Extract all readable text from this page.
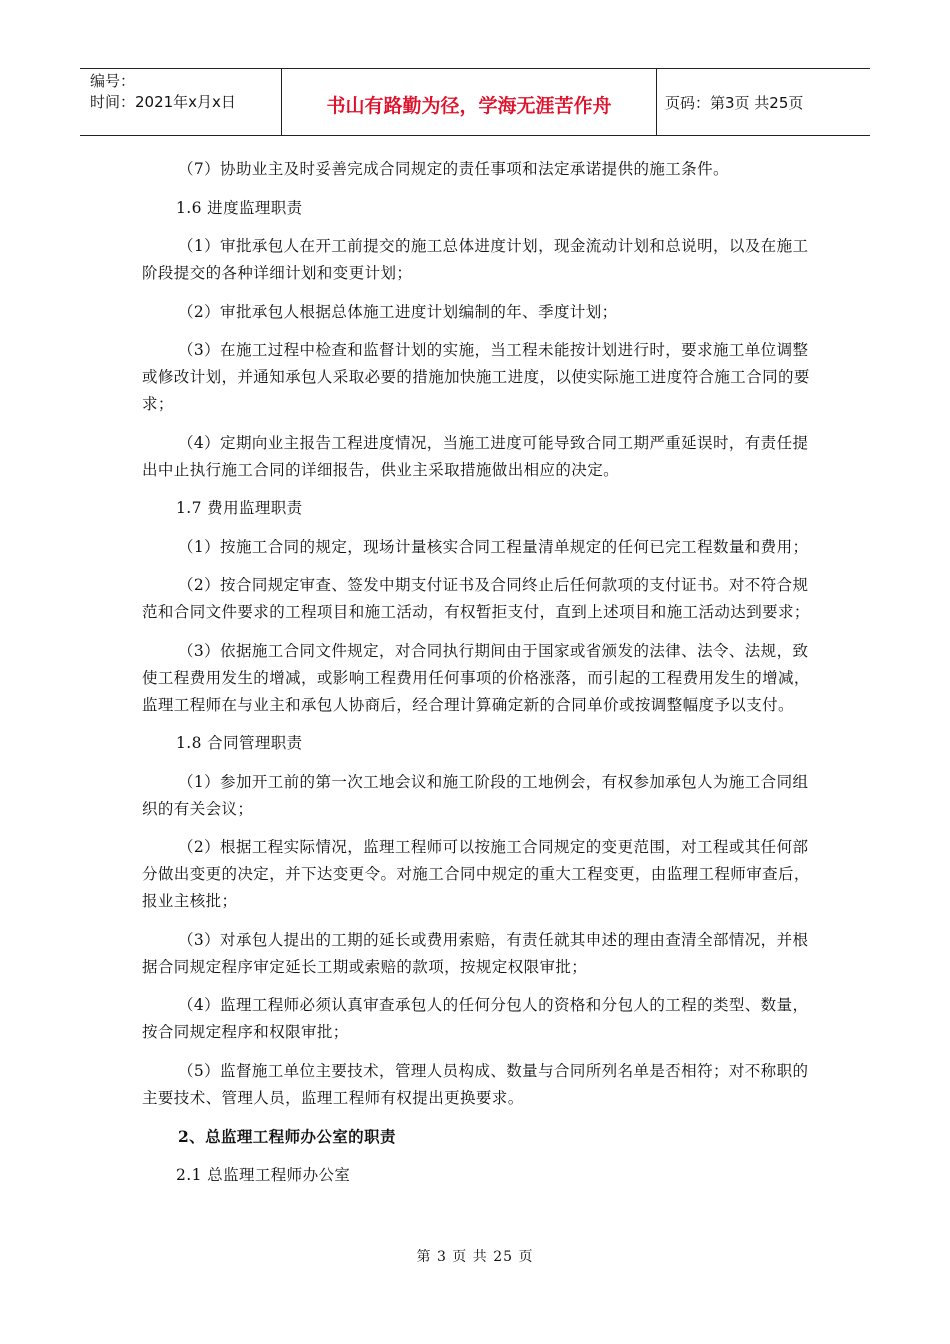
编号：
时间：2021年x月x日	书山有路勤为径，学海无涯苦作舟	页码：第3页 共25页

（7）协助业主及时妥善完成合同规定的责任事项和法定承诺提供的施工条件。

1.6 进度监理职责

（1）审批承包人在开工前提交的施工总体进度计划，现金流动计划和总说明，以及在施工阶段提交的各种详细计划和变更计划；

（2）审批承包人根据总体施工进度计划编制的年、季度计划；

（3）在施工过程中检查和监督计划的实施，当工程未能按计划进行时，要求施工单位调整或修改计划，并通知承包人采取必要的措施加快施工进度，以使实际施工进度符合施工合同的要求；

（4）定期向业主报告工程进度情况，当施工进度可能导致合同工期严重延误时，有责任提出中止执行施工合同的详细报告，供业主采取措施做出相应的决定。

1.7 费用监理职责

（1）按施工合同的规定，现场计量核实合同工程量清单规定的任何已完工程数量和费用；

（2）按合同规定审查、签发中期支付证书及合同终止后任何款项的支付证书。对不符合规范和合同文件要求的工程项目和施工活动，有权暂拒支付，直到上述项目和施工活动达到要求；

（3）依据施工合同文件规定，对合同执行期间由于国家或省颁发的法律、法令、法规，致使工程费用发生的增减，或影响工程费用任何事项的价格涨落，而引起的工程费用发生的增减，监理工程师在与业主和承包人协商后，经合理计算确定新的合同单价或按调整幅度予以支付。

1.8 合同管理职责

（1）参加开工前的第一次工地会议和施工阶段的工地例会，有权参加承包人为施工合同组织的有关会议；

（2）根据工程实际情况，监理工程师可以按施工合同规定的变更范围，对工程或其任何部分做出变更的决定，并下达变更令。对施工合同中规定的重大工程变更，由监理工程师审查后，报业主核批；

（3）对承包人提出的工期的延长或费用索赔，有责任就其申述的理由查清全部情况，并根据合同规定程序审定延长工期或索赔的款项，按规定权限审批；

（4）监理工程师必须认真审查承包人的任何分包人的资格和分包人的工程的类型、数量，按合同规定程序和权限审批；

（5）监督施工单位主要技术，管理人员构成、数量与合同所列名单是否相符；对不称职的主要技术、管理人员，监理工程师有权提出更换要求。

2、总监理工程师办公室的职责

2.1 总监理工程师办公室

第 3 页 共 25 页
